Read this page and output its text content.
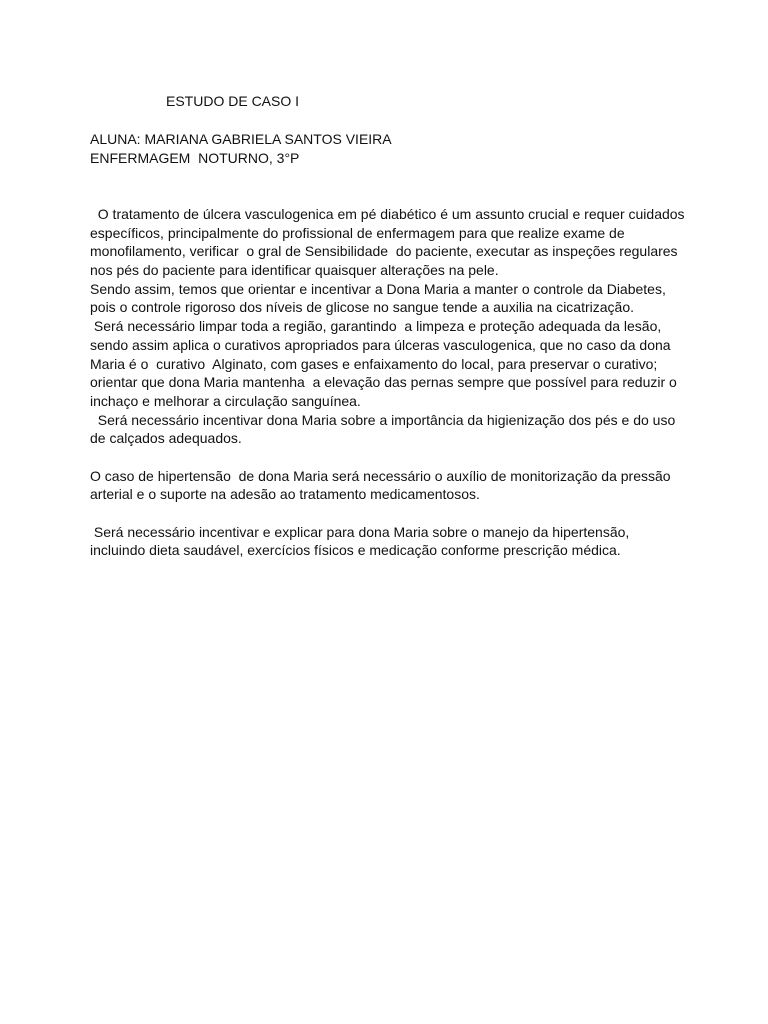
ESTUDO DE CASO I
ALUNA: MARIANA GABRIELA SANTOS VIEIRA
ENFERMAGEM  NOTURNO, 3°P
O tratamento de úlcera vasculogenica em pé diabético é um assunto crucial e requer cuidados
específicos, principalmente do profissional de enfermagem para que realize exame de
monofilamento, verificar  o gral de Sensibilidade  do paciente, executar as inspeções regulares
nos pés do paciente para identificar quaisquer alterações na pele.
Sendo assim, temos que orientar e incentivar a Dona Maria a manter o controle da Diabetes,
pois o controle rigoroso dos níveis de glicose no sangue tende a auxilia na cicatrização.
Será necessário limpar toda a região, garantindo  a limpeza e proteção adequada da lesão,
sendo assim aplica o curativos apropriados para úlceras vasculogenica, que no caso da dona
Maria é o  curativo  Alginato, com gases e enfaixamento do local, para preservar o curativo;
orientar que dona Maria mantenha  a elevação das pernas sempre que possível para reduzir o
inchaço e melhorar a circulação sanguínea.
Será necessário incentivar dona Maria sobre a importância da higienização dos pés e do uso
de calçados adequados.
O caso de hipertensão  de dona Maria será necessário o auxílio de monitorização da pressão
arterial e o suporte na adesão ao tratamento medicamentosos.
Será necessário incentivar e explicar para dona Maria sobre o manejo da hipertensão,
incluindo dieta saudável, exercícios físicos e medicação conforme prescrição médica.
